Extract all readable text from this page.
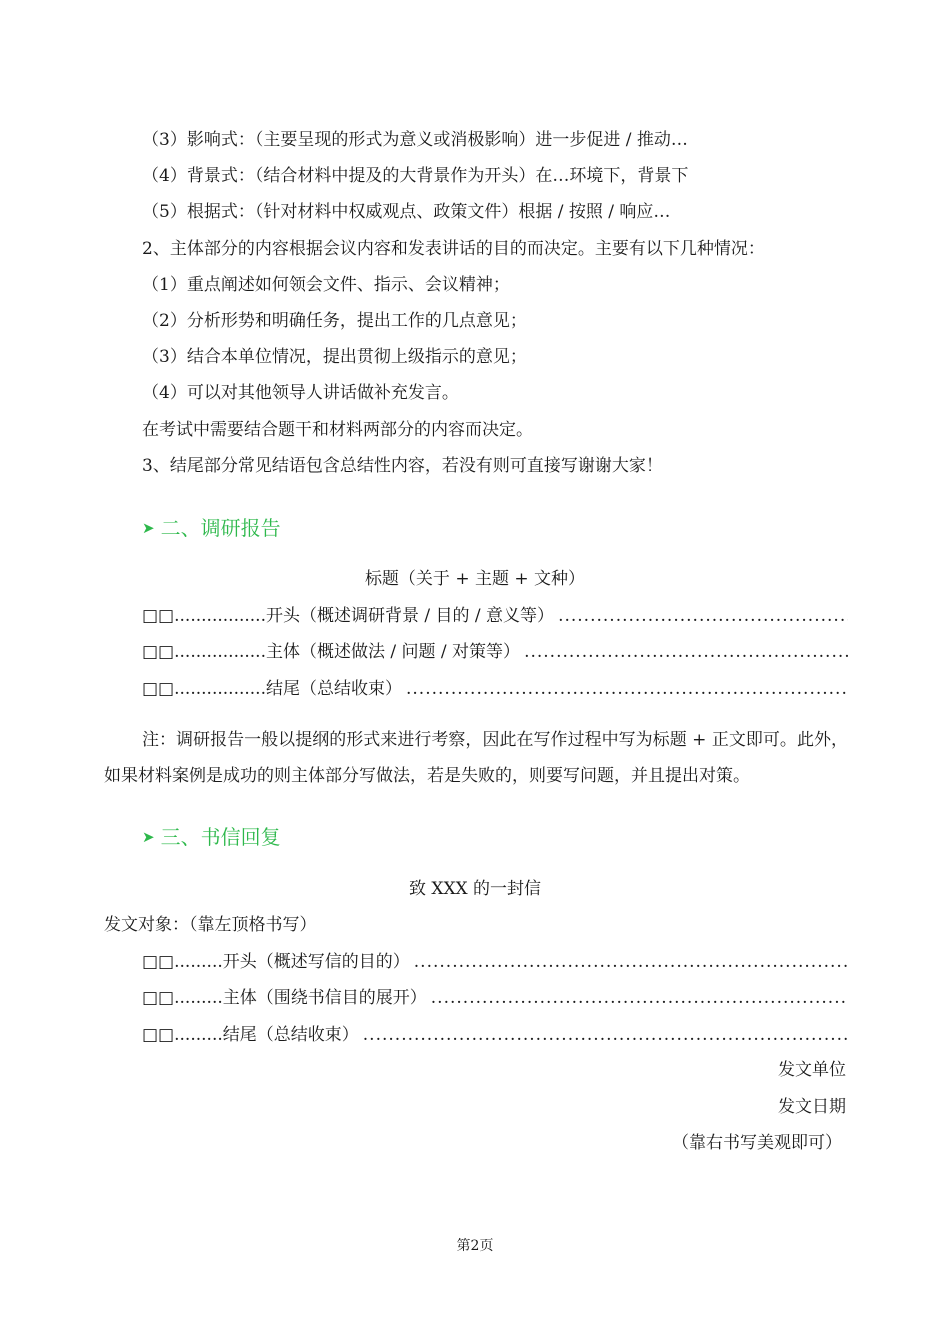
（3）影响式：（主要呈现的形式为意义或消极影响）进一步促进 / 推动…
（4）背景式：（结合材料中提及的大背景作为开头）在…环境下，背景下
（5）根据式：（针对材料中权威观点、政策文件）根据 / 按照 / 响应…
2、主体部分的内容根据会议内容和发表讲话的目的而决定。主要有以下几种情况：
（1）重点阐述如何领会文件、指示、会议精神；
（2）分析形势和明确任务，提出工作的几点意见；
（3）结合本单位情况，提出贯彻上级指示的意见；
（4）可以对其他领导人讲话做补充发言。
在考试中需要结合题干和材料两部分的内容而决定。
3、结尾部分常见结语包含总结性内容，若没有则可直接写谢谢大家！
➤ 二、调研报告
标题（关于 + 主题 + 文种）
□□.................开头（概述调研背景 / 目的 / 意义等）
.....
□□.................主体（概述做法 / 问题 / 对策等）
.....
□□.................结尾（总结收束）
.....
注：调研报告一般以提纲的形式来进行考察，因此在写作过程中写为标题 + 正文即可。此外，如果材料案例是成功的则主体部分写做法，若是失败的，则要写问题，并且提出对策。
➤ 三、书信回复
致 XXX 的一封信
发文对象：（靠左顶格书写）
□□.........开头（概述写信的目的）
.....
□□.........主体（围绕书信目的展开）
.....
□□.........结尾（总结收束）
.....
发文单位
发文日期
（靠右书写美观即可）
第2页
